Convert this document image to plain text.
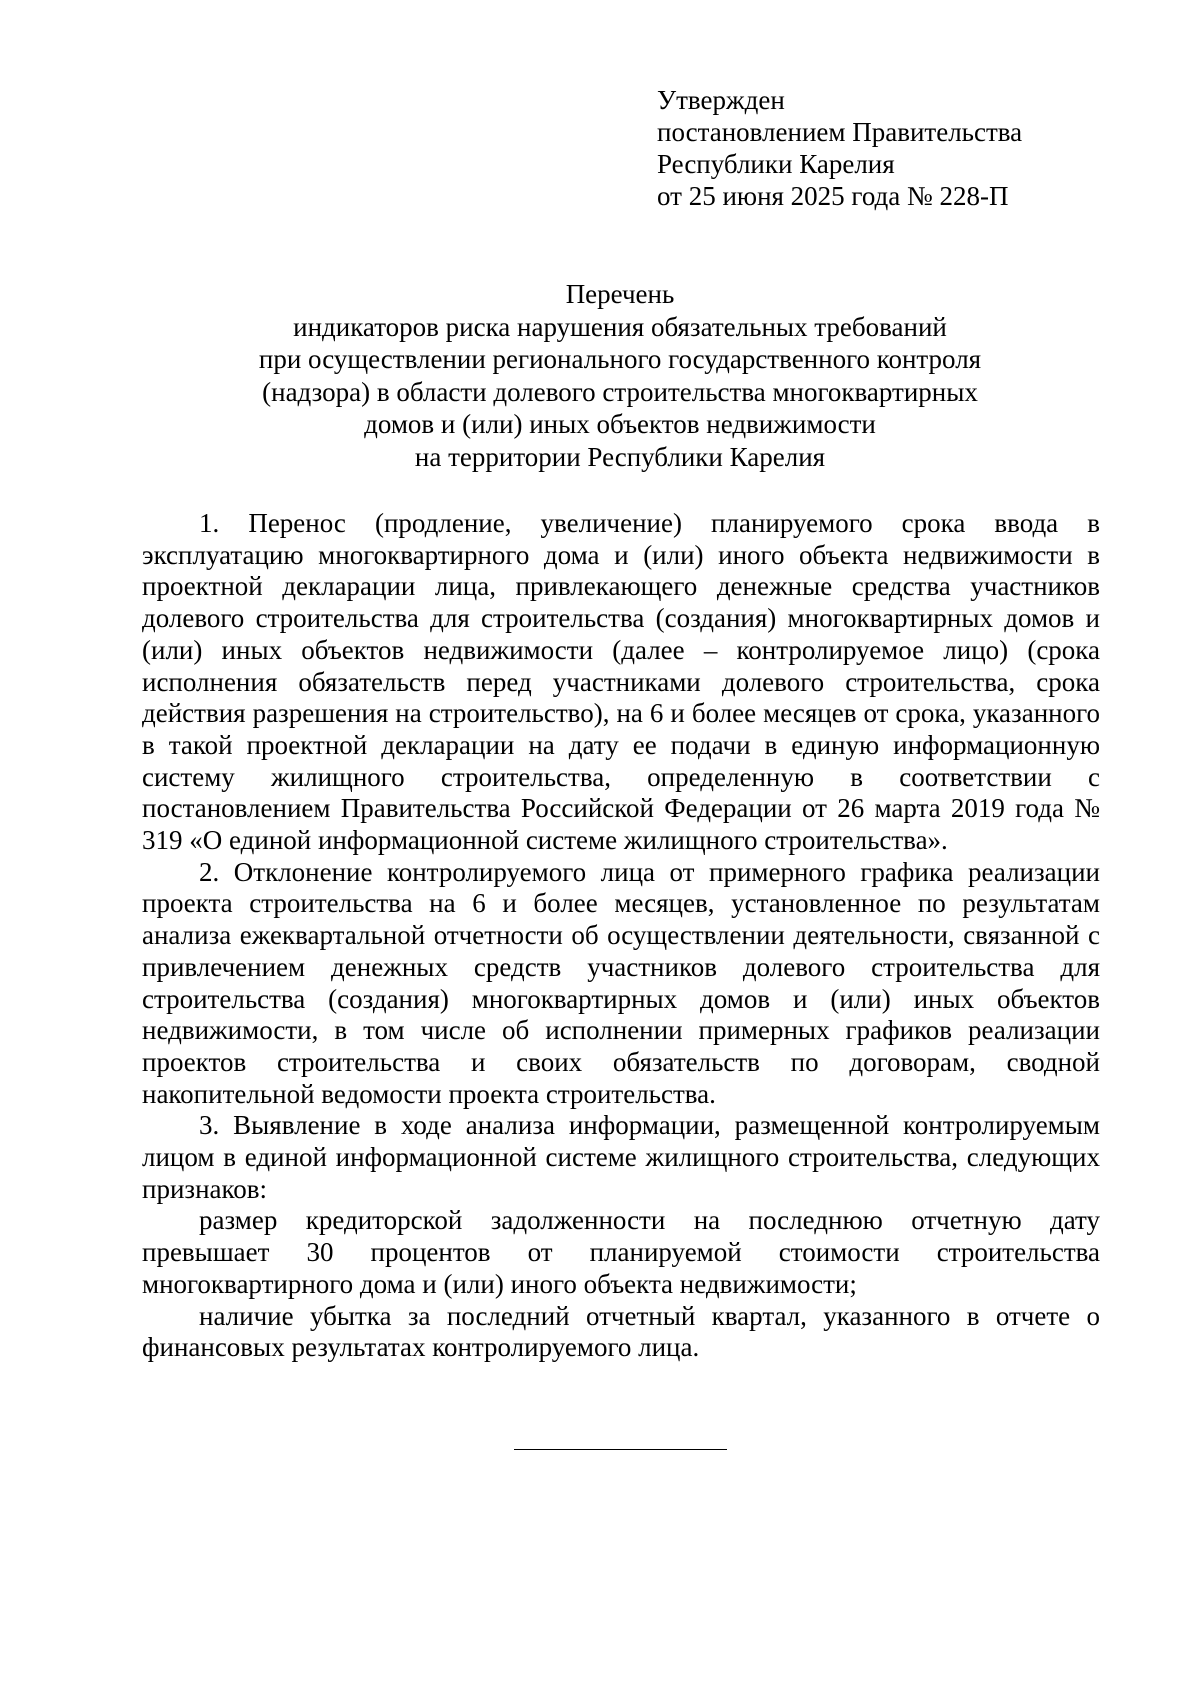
Утвержден
постановлением Правительства
Республики Карелия
от 25 июня 2025 года № 228-П
Перечень
индикаторов риска нарушения обязательных требований
при осуществлении регионального государственного контроля
(надзора) в области долевого строительства многоквартирных
домов и (или) иных объектов недвижимости
на территории Республики Карелия

1. Перенос (продление, увеличение) планируемого срока ввода в эксплуатацию многоквартирного дома и (или) иного объекта недвижимости в проектной декларации лица, привлекающего денежные средства участников долевого строительства для строительства (создания) многоквартирных домов и (или) иных объектов недвижимости (далее – контролируемое лицо) (срока исполнения обязательств перед участниками долевого строительства, срока действия разрешения на строительство), на 6 и более месяцев от срока, указанного в такой проектной декларации на дату ее подачи в единую информационную систему жилищного строительства, определенную в соответствии с постановлением Правительства Российской Федерации от 26 марта 2019 года № 319 «О единой информационной системе жилищного строительства».

2. Отклонение контролируемого лица от примерного графика реализации проекта строительства на 6 и более месяцев, установленное по результатам анализа ежеквартальной отчетности об осуществлении деятельности, связанной с привлечением денежных средств участников долевого строительства для строительства (создания) многоквартирных домов и (или) иных объектов недвижимости, в том числе об исполнении примерных графиков реализации проектов строительства и своих обязательств по договорам, сводной накопительной ведомости проекта строительства.

3. Выявление в ходе анализа информации, размещенной контролируемым лицом в единой информационной системе жилищного строительства, следующих признаков:

размер кредиторской задолженности на последнюю отчетную дату превышает 30 процентов от планируемой стоимости строительства многоквартирного дома и (или) иного объекта недвижимости;

наличие убытка за последний отчетный квартал, указанного в отчете о финансовых результатах контролируемого лица.
